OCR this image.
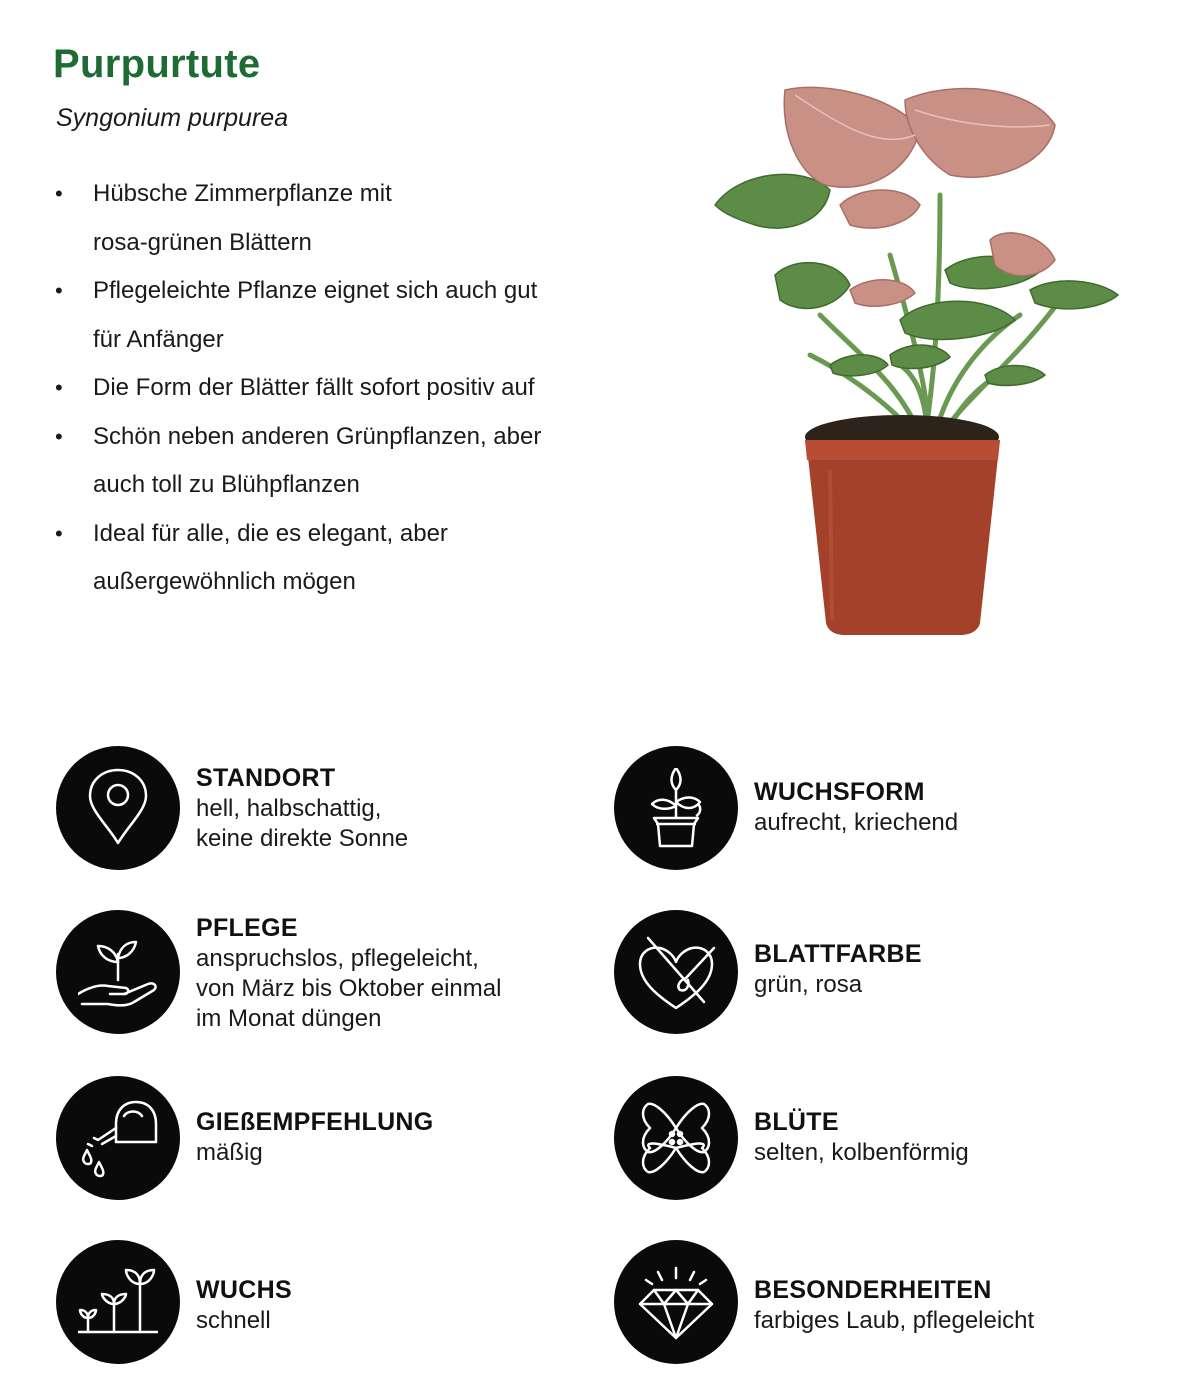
Purpurtute
Syngonium purpurea
• Hübsche Zimmerpflanze mit
rosa-grünen Blättern
• Pflegeleichte Pflanze eignet sich auch gut
für Anfänger
• Die Form der Blätter fällt sofort positiv auf
• Schön neben anderen Grünpflanzen, aber
auch toll zu Blühpflanzen
• Ideal für alle, die es elegant, aber
außergewöhnlich mögen
STANDORT
hell, halbschattig,
keine direkte Sonne
WUCHSFORM
aufrecht, kriechend
PFLEGE
anspruchslos, pflegeleicht,
von März bis Oktober einmal
im Monat düngen
BLATTFARBE
grün, rosa
GIEßEMPFEHLUNG
mäßig
BLÜTE
selten, kolbenförmig
WUCHS
schnell
BESONDERHEITEN
farbiges Laub, pflegeleicht
